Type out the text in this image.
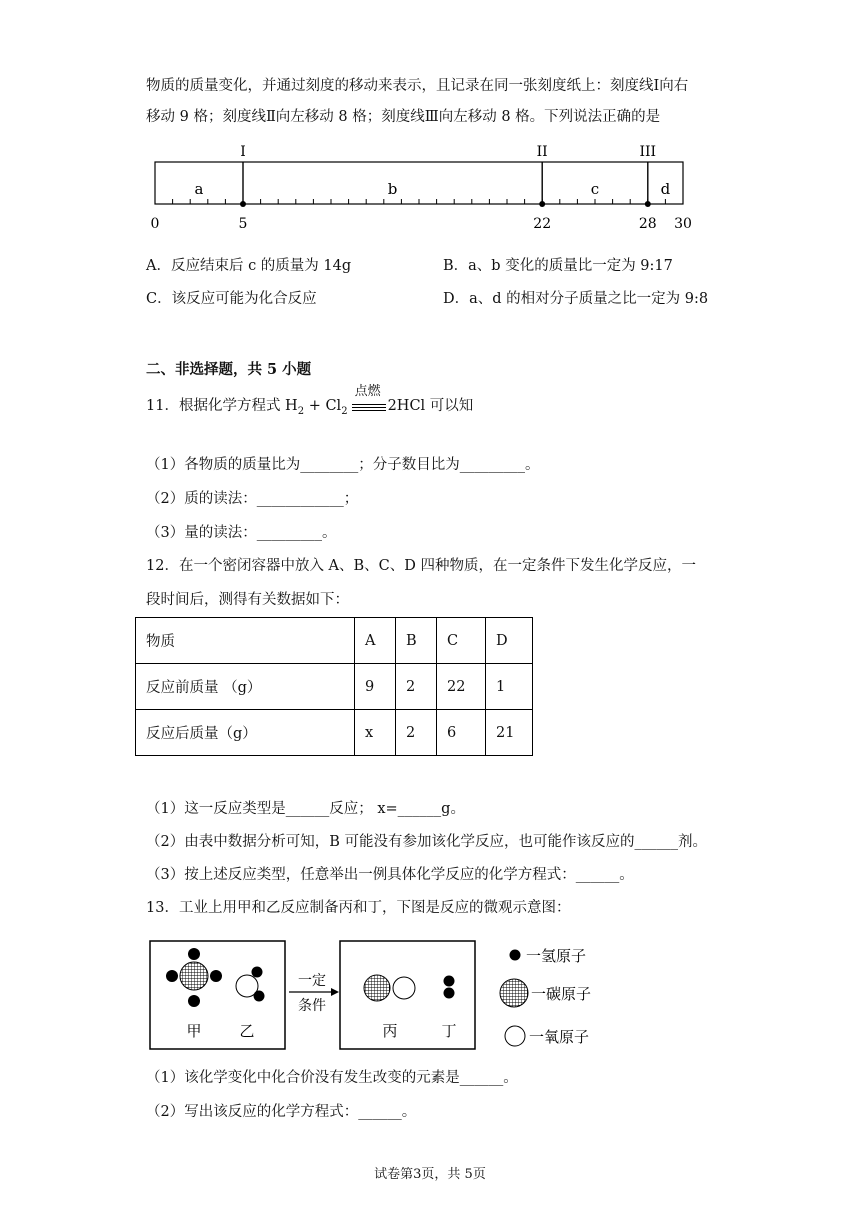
物质的质量变化，并通过刻度的移动来表示，且记录在同一张刻度纸上：刻度线Ⅰ向右
移动 9 格；刻度线Ⅱ向左移动 8 格；刻度线Ⅲ向左移动 8 格。下列说法正确的是
I	II	III
a	b	c	d
0	5	22	28 30
A．反应结束后 c 的质量为 14g	B．a、b 变化的质量比一定为 9:17
C．该反应可能为化合反应	D．a、d 的相对分子质量之比一定为 9:8
二、非选择题，共 5 小题
11．根据化学方程式 $H_2 + Cl_2$
点燃
2HCl 可以知
（1）各物质的质量比为________；分子数目比为_________。
（2）质的读法：____________；
（3）量的读法：_________。
12．在一个密闭容器中放入 A、B、C、D 四种物质，在一定条件下发生化学反应，一
段时间后，测得有关数据如下：
物质	A	B	C	D
反应前质量 （g）	9	2	22	1
反应后质量（g）	x	2	6	21
（1）这一反应类型是______反应； x=______g。
（2）由表中数据分析可知，B 可能没有参加该化学反应，也可能作该反应的______剂。
（3）按上述反应类型，任意举出一例具体化学反应的化学方程式：______。
13．工业上用甲和乙反应制备丙和丁，下图是反应的微观示意图：
甲	乙
一定
条件
丙	丁
一氢原子
一碳原子
一氧原子
（1）该化学变化中化合价没有发生改变的元素是______。
（2）写出该反应的化学方程式：______。
试卷第3页，共 5页
